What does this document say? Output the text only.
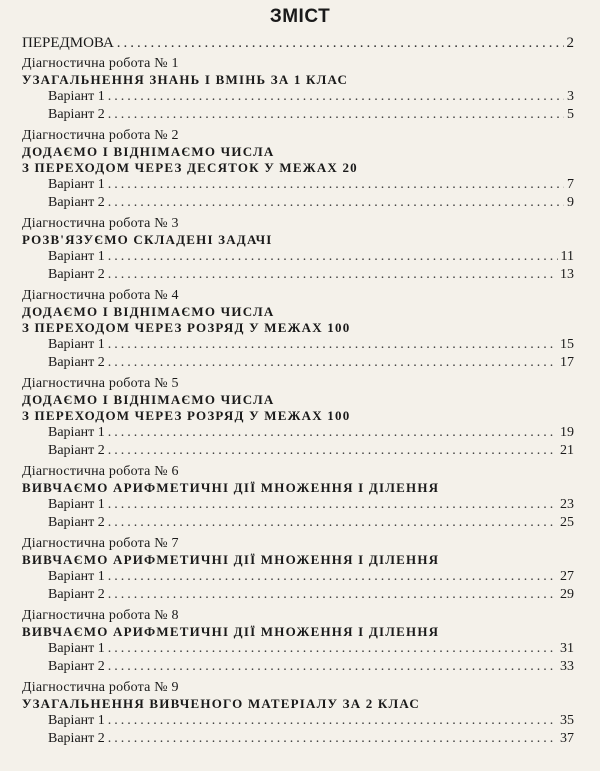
ЗМІСТ
ПЕРЕДМОВА .....	2
Діагностична робота № 1
УЗАГАЛЬНЕННЯ ЗНАНЬ І ВМІНЬ ЗА 1 КЛАС
Варіант 1 .....	3
Варіант 2 .....	5
Діагностична робота № 2
ДОДАЄМО І ВІДНІМАЄМО ЧИСЛА
З ПЕРЕХОДОМ ЧЕРЕЗ ДЕСЯТОК У МЕЖАХ 20
Варіант 1 .....	7
Варіант 2 .....	9
Діагностична робота № 3
РОЗВ'ЯЗУЄМО СКЛАДЕНІ ЗАДАЧІ
Варіант 1 .....	11
Варіант 2 .....	13
Діагностична робота № 4
ДОДАЄМО І ВІДНІМАЄМО ЧИСЛА
З ПЕРЕХОДОМ ЧЕРЕЗ РОЗРЯД У МЕЖАХ 100
Варіант 1 .....	15
Варіант 2 .....	17
Діагностична робота № 5
ДОДАЄМО І ВІДНІМАЄМО ЧИСЛА
З ПЕРЕХОДОМ ЧЕРЕЗ РОЗРЯД У МЕЖАХ 100
Варіант 1 .....	19
Варіант 2 .....	21
Діагностична робота № 6
ВИВЧАЄМО АРИФМЕТИЧНІ ДІЇ МНОЖЕННЯ І ДІЛЕННЯ
Варіант 1 .....	23
Варіант 2 .....	25
Діагностична робота № 7
ВИВЧАЄМО АРИФМЕТИЧНІ ДІЇ МНОЖЕННЯ І ДІЛЕННЯ
Варіант 1 .....	27
Варіант 2 .....	29
Діагностична робота № 8
ВИВЧАЄМО АРИФМЕТИЧНІ ДІЇ МНОЖЕННЯ І ДІЛЕННЯ
Варіант 1 .....	31
Варіант 2 .....	33
Діагностична робота № 9
УЗАГАЛЬНЕННЯ ВИВЧЕНОГО МАТЕРІАЛУ ЗА 2 КЛАС
Варіант 1 .....	35
Варіант 2 .....	37
